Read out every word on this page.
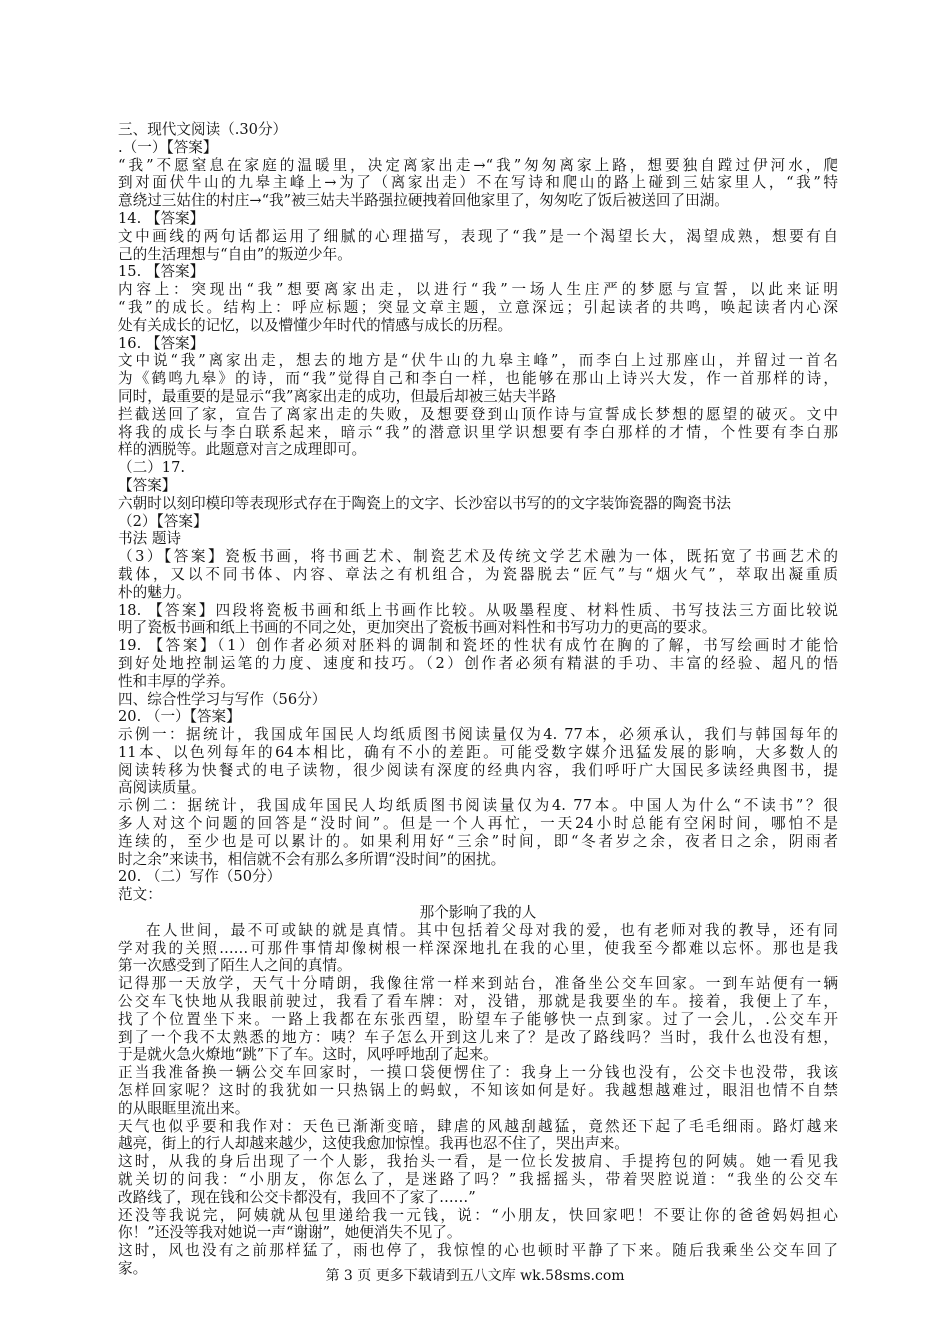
三、现代文阅读（.30分）
.（一）【答案】
“我”不愿窒息在家庭的温暖里，决定离家出走→“我”匆匆离家上路，想要独自蹚过伊河水，爬
到对面伏牛山的九皋主峰上→为了（离家出走）不在写诗和爬山的路上碰到三姑家里人，“我”特
意绕过三姑住的村庄→“我”被三姑夫半路强拉硬拽着回他家里了，匆匆吃了饭后被送回了田湖。
14. 【答案】
文中画线的两句话都运用了细腻的心理描写，表现了“我”是一个渴望长大，渴望成熟，想要有自
己的生活理想与“自由”的叛逆少年。
15. 【答案】
内容上：突现出“我”想要离家出走，以进行“我”一场人生庄严的梦愿与宣誓，以此来证明
“我”的成长。结构上：呼应标题；突显文章主题，立意深远；引起读者的共鸣，唤起读者内心深
处有关成长的记忆，以及懵懂少年时代的情感与成长的历程。
16. 【答案】
文中说“我”离家出走，想去的地方是“伏牛山的九皋主峰”，而李白上过那座山，并留过一首名
为《鹤鸣九皋》的诗，而“我”觉得自己和李白一样，也能够在那山上诗兴大发，作一首那样的诗，
同时，最重要的是显示“我”离家出走的成功，但最后却被三姑夫半路
拦截送回了家，宣告了离家出走的失败，及想要登到山顶作诗与宣誓成长梦想的愿望的破灭。文中
将我的成长与李白联系起来，暗示“我”的潜意识里学识想要有李白那样的才情，个性要有李白那
样的洒脱等。此题意对言之成理即可。
（二）17.
【答案】
六朝时以刻印模印等表现形式存在于陶瓷上的文字、长沙窑以书写的的文字装饰瓷器的陶瓷书法
（2）【答案】
书法 题诗
（3）【答案】瓷板书画，将书画艺术、制瓷艺术及传统文学艺术融为一体，既拓宽了书画艺术的
载体，又以不同书体、内容、章法之有机组合，为瓷器脱去“匠气”与“烟火气”，萃取出凝重质
朴的魅力。
18. 【答案】四段将瓷板书画和纸上书画作比较。从吸墨程度、材料性质、书写技法三方面比较说
明了瓷板书画和纸上书画的不同之处，更加突出了瓷板书画对料性和书写功力的更高的要求。
19. 【答案】（1）创作者必须对胚料的调制和瓷坯的性状有成竹在胸的了解，书写绘画时才能恰
到好处地控制运笔的力度、速度和技巧。（2）创作者必须有精湛的手功、丰富的经验、超凡的悟
性和丰厚的学养。
四、综合性学习与写作（56分）
20. （一）【答案】
示例一：据统计，我国成年国民人均纸质图书阅读量仅为4. 77本，必须承认，我们与韩国每年的
11本、以色列每年的64本相比，确有不小的差距。可能受数字媒介迅猛发展的影响，大多数人的
阅读转移为快餐式的电子读物，很少阅读有深度的经典内容，我们呼吁广大国民多读经典图书，提
高阅读质量。
示例二：据统计，我国成年国民人均纸质图书阅读量仅为4. 77本。中国人为什么“不读书”？很
多人对这个问题的回答是“没时间”。但是一个人再忙，一天24小时总能有空闲时间，哪怕不是
连续的，至少也是可以累计的。如果利用好“三余”时间，即“冬者岁之余，夜者日之余，阴雨者
时之余”来读书，相信就不会有那么多所谓“没时间”的困扰。
20. （二）写作（50分）
范文：
那个影响了我的人
在人世间，最不可或缺的就是真情。其中包括着父母对我的爱，也有老师对我的教导，还有同
学对我的关照……可那件事情却像树根一样深深地扎在我的心里，使我至今都难以忘怀。那也是我
第一次感受到了陌生人之间的真情。
记得那一天放学，天气十分晴朗，我像往常一样来到站台，准备坐公交车回家。一到车站便有一辆
公交车飞快地从我眼前驶过，我看了看车牌：对，没错，那就是我要坐的车。接着，我便上了车，
找了个位置坐下来。一路上我都在东张西望，盼望车子能够快一点到家。过了一会儿，.公交车开
到了一个我不太熟悉的地方：咦？车子怎么开到这儿来了？是改了路线吗？当时，我什么也没有想，
于是就火急火燎地“跳”下了车。这时，风呼呼地刮了起来。
正当我准备换一辆公交车回家时，一摸口袋便愣住了：我身上一分钱也没有，公交卡也没带，我该
怎样回家呢？这时的我犹如一只热锅上的蚂蚁，不知该如何是好。我越想越难过，眼泪也情不自禁
的从眼眶里流出来。
天气也似乎要和我作对：天色已渐渐变暗，肆虐的风越刮越猛，竟然还下起了毛毛细雨。路灯越来
越亮，街上的行人却越来越少，这使我愈加惊惶。我再也忍不住了，哭出声来。
这时，从我的身后出现了一个人影，我抬头一看，是一位长发披肩、手提挎包的阿姨。她一看见我
就关切的问我：“小朋友，你怎么了，是迷路了吗？”我摇摇头，带着哭腔说道：“我坐的公交车
改路线了，现在钱和公交卡都没有，我回不了家了……”
还没等我说完，阿姨就从包里递给我一元钱，说：“小朋友，快回家吧！不要让你的爸爸妈妈担心
你！”还没等我对她说一声“谢谢”，她便消失不见了。
这时，风也没有之前那样猛了，雨也停了，我惊惶的心也顿时平静了下来。随后我乘坐公交车回了
家。	第 3 页 更多下载请到五八文库 wk.58sms.com
